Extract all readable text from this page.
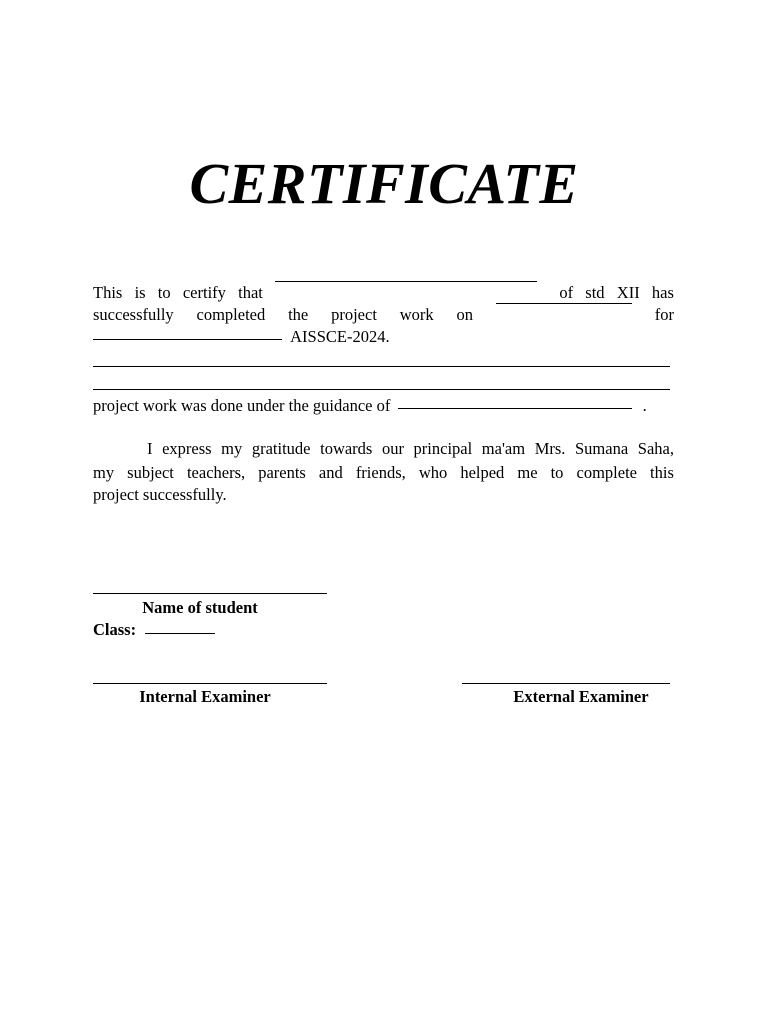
CERTIFICATE
This is to certify that	of std XII has
successfully completed the project work on	for
AISSCE-2024.
project work was done under the guidance of	.
I express my gratitude towards our principal ma'am Mrs. Sumana Saha,
my subject teachers, parents and friends, who helped me to complete this
project successfully.
Name of student
Class:
Internal Examiner	External Examiner
